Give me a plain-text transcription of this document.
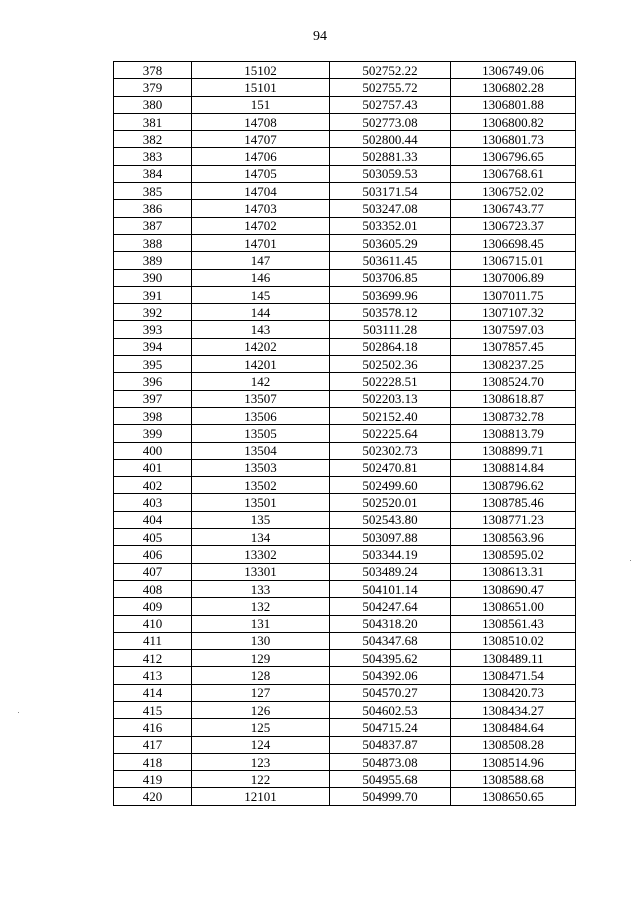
94
378	15102	502752.22	1306749.06
379	15101	502755.72	1306802.28
380	151	502757.43	1306801.88
381	14708	502773.08	1306800.82
382	14707	502800.44	1306801.73
383	14706	502881.33	1306796.65
384	14705	503059.53	1306768.61
385	14704	503171.54	1306752.02
386	14703	503247.08	1306743.77
387	14702	503352.01	1306723.37
388	14701	503605.29	1306698.45
389	147	503611.45	1306715.01
390	146	503706.85	1307006.89
391	145	503699.96	1307011.75
392	144	503578.12	1307107.32
393	143	503111.28	1307597.03
394	14202	502864.18	1307857.45
395	14201	502502.36	1308237.25
396	142	502228.51	1308524.70
397	13507	502203.13	1308618.87
398	13506	502152.40	1308732.78
399	13505	502225.64	1308813.79
400	13504	502302.73	1308899.71
401	13503	502470.81	1308814.84
402	13502	502499.60	1308796.62
403	13501	502520.01	1308785.46
404	135	502543.80	1308771.23
405	134	503097.88	1308563.96
406	13302	503344.19	1308595.02
407	13301	503489.24	1308613.31
408	133	504101.14	1308690.47
409	132	504247.64	1308651.00
410	131	504318.20	1308561.43
411	130	504347.68	1308510.02
412	129	504395.62	1308489.11
413	128	504392.06	1308471.54
414	127	504570.27	1308420.73
415	126	504602.53	1308434.27
416	125	504715.24	1308484.64
417	124	504837.87	1308508.28
418	123	504873.08	1308514.96
419	122	504955.68	1308588.68
420	12101	504999.70	1308650.65
